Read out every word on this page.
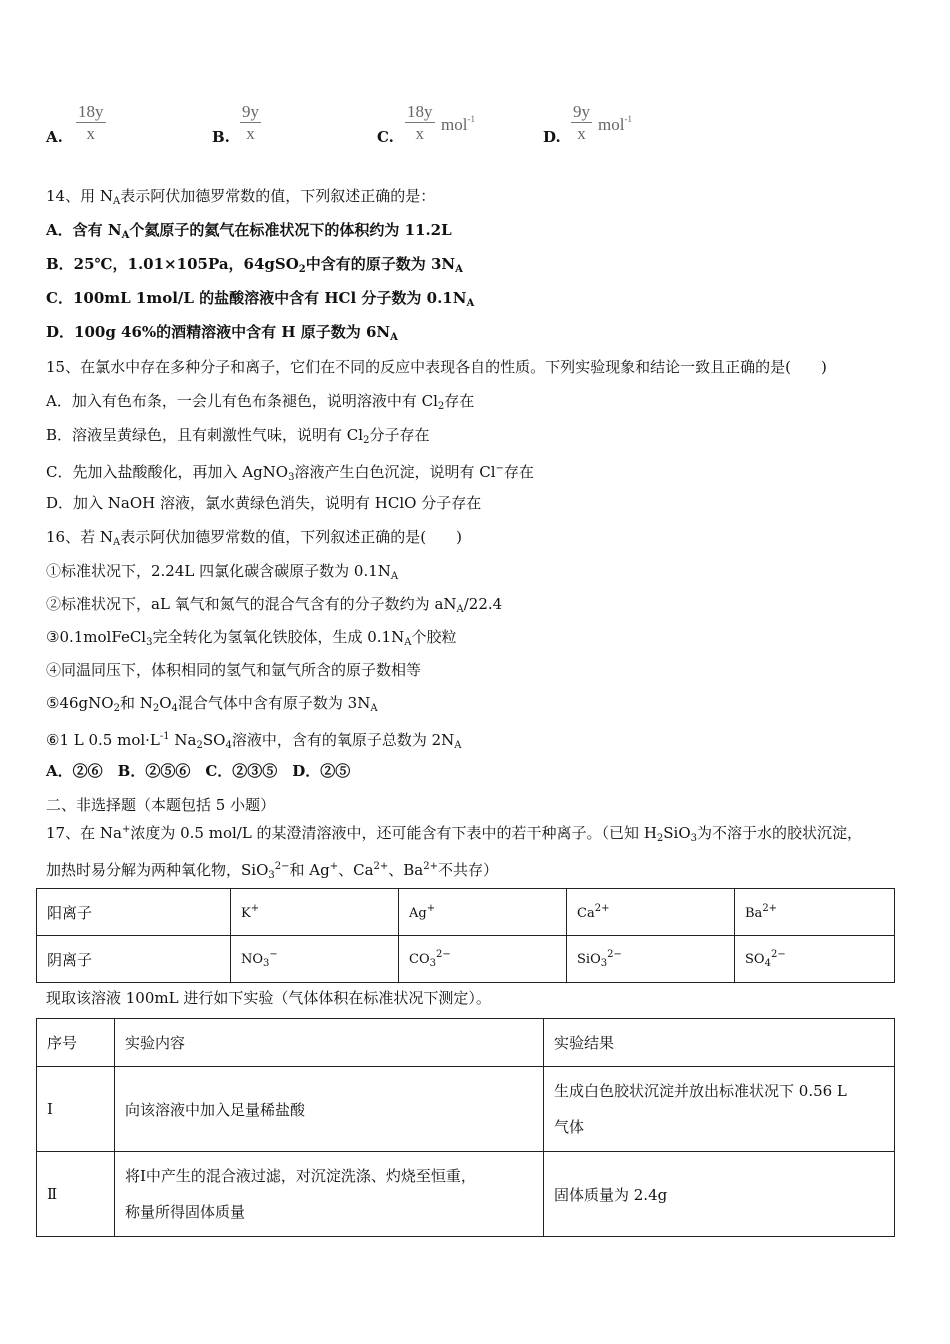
A.
18y
x	B.
9y
x	C.
18y
x	mol$^{-1}$
D.
9y
x mol$^{-1}$
14、用 $N_A$表示阿伏加德罗常数的值，下列叙述正确的是：
A．含有 $N_A$个氦原子的氦气在标准状况下的体积约为 11.2L
B．25℃，1.01×105Pa，64gSO$_2$中含有的原子数为 $3N_A$
C．100mL 1mol/L 的盐酸溶液中含有 HCl 分子数为 $0.1N_A$
D．100g 46%的酒精溶液中含有 H 原子数为 $6N_A$
15、在氯水中存在多种分子和离子，它们在不同的反应中表现各自的性质。下列实验现象和结论一致且正确的是(　　)
A．加入有色布条，一会儿有色布条褪色，说明溶液中有 $Cl_2$存在
B．溶液呈黄绿色，且有刺激性气味，说明有 $Cl_2$分子存在
C．先加入盐酸酸化，再加入 AgNO$_3$溶液产生白色沉淀，说明有 Cl−存在
D．加入 NaOH 溶液，氯水黄绿色消失，说明有 HClO 分子存在
16、若 $N_A$表示阿伏加德罗常数的值，下列叙述正确的是(　　)
①标准状况下，2.24L 四氯化碳含碳原子数为 $0.1N_A$
②标准状况下，aL 氧气和氮气的混合气含有的分子数约为 $aN_A/22.4$
③0.1molFeCl$_3$完全转化为氢氧化铁胶体，生成 $0.1N_A$个胶粒
④同温同压下，体积相同的氢气和氩气所含的原子数相等
⑤46gNO$_2$和 $N_2O_4$混合气体中含有原子数为 $3N_A$
⑥1 L 0.5 $mol\cdot L^{-1}$ $Na_2SO_4$溶液中，含有的氧原子总数为 $2N_A$
A．②⑥　B．②⑤⑥　C．②③⑤　D．②⑤
二、非选择题（本题包括 5 小题）
17、在 Na+浓度为 0.5 mol/L 的某澄清溶液中，还可能含有下表中的若干种离子。（已知 $H_2SiO_3$为不溶于水的胶状沉淀，
加热时易分解为两种氧化物，SiO$_3^{2-}$和 Ag+、$Ca^{2+}$、$Ba^{2+}$不共存）
阳离子	K+	Ag+	$Ca^{2+}$	$Ba^{2+}$
阴离子	$NO_3^-$	$CO_3^{2-}$	SiO$_3^{2-}$	$SO_4^{2-}$
现取该溶液 100mL 进行如下实验（气体体积在标准状况下测定）。
序号	实验内容	实验结果
Ⅰ	向该溶液中加入足量稀盐酸	生成白色胶状沉淀并放出标准状况下 0.56 L
气体

Ⅱ	将Ⅰ中产生的混合液过滤，对沉淀洗涤、灼烧至恒重，
称量所得固体质量	固体质量为 2.4g
